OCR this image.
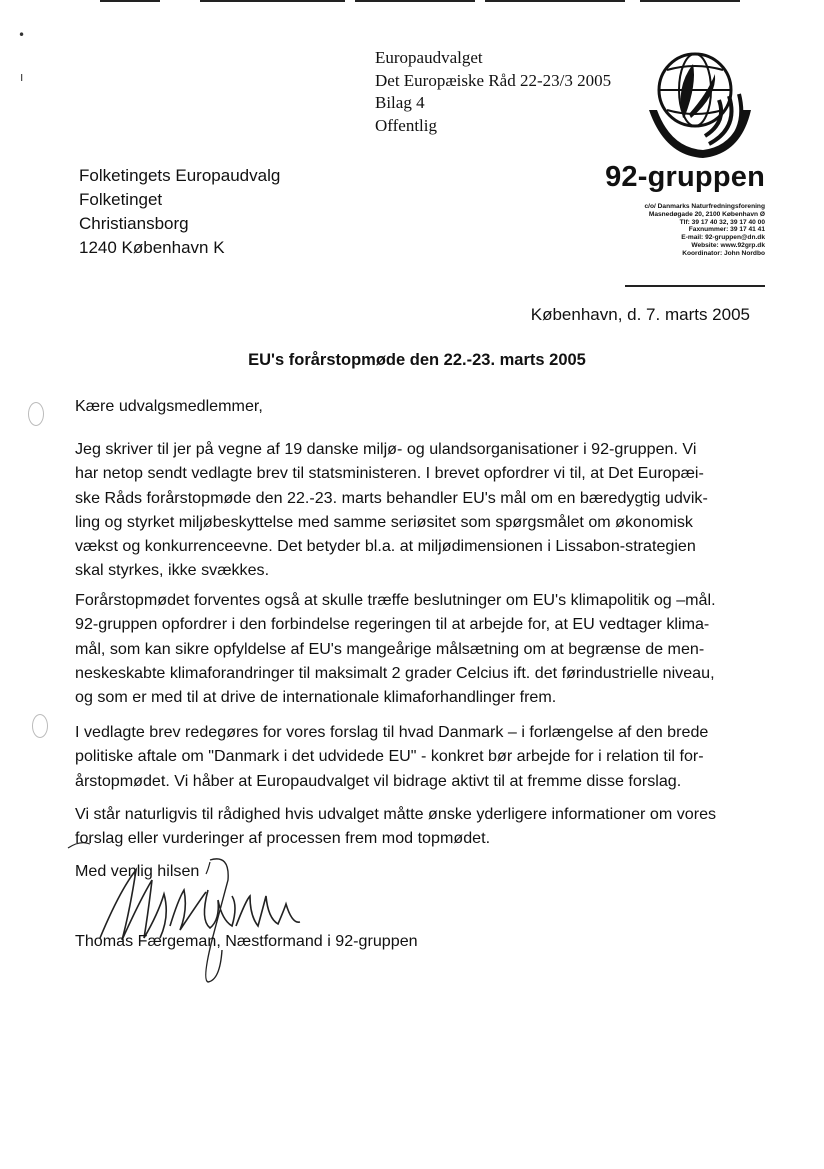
•
ı
Europaudvalget
Det Europæiske Råd 22-23/3 2005
Bilag 4
Offentlig
92-gruppen
c/o/ Danmarks Naturfredningsforening
Masnedøgade 20, 2100 København Ø
Tlf: 39 17 40 32, 39 17 40 00
Faxnummer: 39 17 41 41
E-mail: 92-gruppen@dn.dk
Website: www.92grp.dk
Koordinator: John Nordbo
Folketingets Europaudvalg
Folketinget
Christiansborg
1240 København K
København, d. 7. marts 2005
EU's forårstopmøde den 22.-23. marts 2005
Kære udvalgsmedlemmer,
Jeg skriver til jer på vegne af 19 danske miljø- og ulandsorganisationer i 92-gruppen. Vi
har netop sendt vedlagte brev til statsministeren. I brevet opfordrer vi til, at Det Europæi-
ske Råds forårstopmøde den 22.-23. marts behandler EU's mål om en bæredygtig udvik-
ling og styrket miljøbeskyttelse med samme seriøsitet som spørgsmålet om økonomisk
vækst og konkurrenceevne. Det betyder bl.a. at miljødimensionen i Lissabon-strategien
skal styrkes, ikke svækkes.
Forårstopmødet forventes også at skulle træffe beslutninger om EU's klimapolitik og –mål.
92-gruppen opfordrer i den forbindelse regeringen til at arbejde for, at EU vedtager klima-
mål, som kan sikre opfyldelse af EU's mangeårige målsætning om at begrænse de men-
neskeskabte klimaforandringer til maksimalt 2 grader Celcius ift. det førindustrielle niveau,
og som er med til at drive de internationale klimaforhandlinger frem.
I vedlagte brev redegøres for vores forslag til hvad Danmark – i forlængelse af den brede
politiske aftale om "Danmark i det udvidede EU" - konkret bør arbejde for i relation til for-
årstopmødet. Vi håber at Europaudvalget vil bidrage aktivt til at fremme disse forslag.
Vi står naturligvis til rådighed hvis udvalget måtte ønske yderligere informationer om vores
forslag eller vurderinger af processen frem mod topmødet.
Med venlig hilsen
Thomas Færgeman, Næstformand i 92-gruppen
